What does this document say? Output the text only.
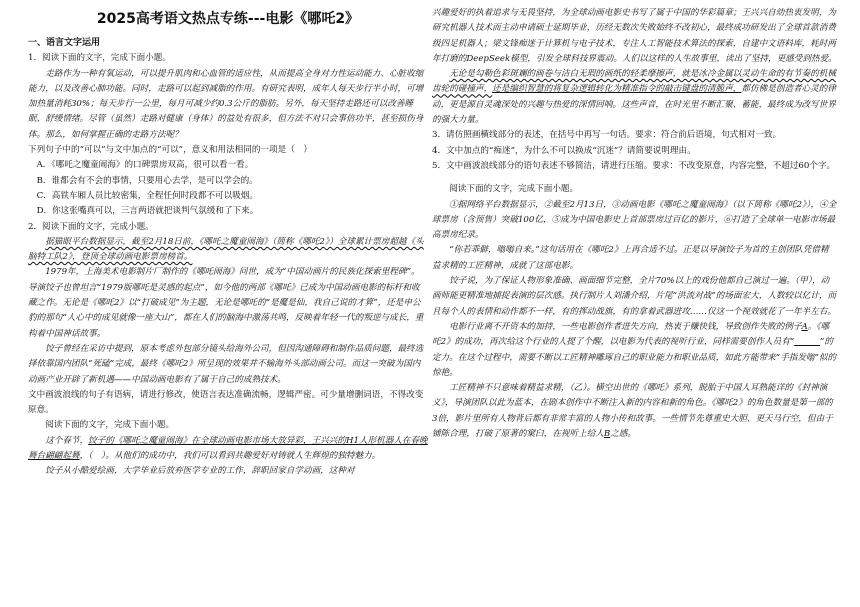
2025高考语文热点专练---电影《哪吒2》

一、语言文字运用

1．阅读下面的文字，完成下面小题。

走路作为一种有氧运动，可以提升肌肉和心血管的适应性，从而提高全身对力性运动能力、心脏收缩能力，以及改善心肺功能。同时，走路可以起到减脂的作用。有研究表明，成年人每天步行半小时，可增加热量消耗30%；每天步行一公里，每月可减少约0.3公斤的脂肪。另外，每天坚持走路还可以改善睡眠、舒缓情绪。尽管（虽然）走路对健康（身体）的益处有很多，但方法不对只会事倍功半，甚至损伤身体。那么，如何掌握正确的走路方法呢？

下列句子中的“可以”与文中加点的“可以”，意义和用法相同的一项是（　）

A．《哪吒之魔童闹海》的口碑票房双高，很可以看一看。

B．谁都会有不会的事情，只要用心去学，是可以学会的。

C．高铁车厢人员比较密集，全程任何时段都不可以吸烟。

D．你这张嘴真可以，三言两语就把谈判气氛缓和了下来。

2．阅读下面的文字，完成小题。

据猫眼平台数据显示，截至2月18日前，《哪吒之魔童闹海》（简称《哪吒2》）全球累计票房超越《头脑特工队2》，登顶全球动画电影票房榜首。

1979年，上海美术电影制片厂制作的《哪吒闹海》问世，成为“中国动画片的民族化探索里程碑”。导演饺子也曾坦言“1979版哪吒是灵感的起点”，如今他的两部《哪吒》已成为中国动画电影的标杆和收藏之作。无论是《哪吒2》以“打破成见”为主题，无论是哪吒的“是魔是仙，我自己说的才算”，还是申公豹的那句“人心中的成见就像一座大山”，都在人们的脑海中激荡共鸣，反映着年轻一代的叛逆与成长，重构着中国神话故事。

饺子曾经在采访中提到，原本考虑外包部分镜头给海外公司，但因沟通障碍和制作品质问题，最终选择依靠国内团队“死磕”完成，最终《哪吒2》所呈现的效果并不输海外头部动画公司。而这一突破为国内动画产业开辟了新机遇——中国动画电影有了属于自己的成熟技术。

文中画波浪线的句子有语病，请进行修改，使语言表达准确流畅，逻辑严密。可少量增删词语，不得改变原意。

阅读下面的文字，完成下面小题。

这个春节，饺子的《哪吒之魔童闹海》在全球动画电影市场大放异彩，王兴兴的H1人形机器人在春晚舞台翩翩起舞，（　）。从他们的成功中，我们可以看到共趣爱好对铸就人生辉煌的独特魅力。

饺子从小酷爱绘画，大学毕业后放弃医学专业的工作，辞职回家自学动画，这种对

兴趣爱好的执着追求与无畏坚持，为全球动画电影史书写了属于中国的华彩篇章；王兴兴自幼热衷发明，为研究机器人技术而主动申请硕士延期毕业，历经无数次失败始终不改初心，最终成功研发出了全球首款消费级四足机器人；梁文锋痴迷于计算机与电子技术，专注人工智能技术算法的探索，自建中文语料库，耗时两年打磨的DeepSeek模型，引发全球科技界震动。人们以这样的人生故事里，读出了坚持，更感受到热爱。

无论是勾勒色彩斑斓的画卷与洁白无瑕的画纸的轻柔摩擦声，就是冰冷金属以灵动生命的有节奏的机械齿轮的碰撞声，还是编织智慧的将复杂逻辑转化为精准指令的敲击键盘的清脆声，都仿佛是创造者心灵的律动，更是源自灵魂深处的兴趣与热爱的深情回响。这些声音，在时光里不断汇聚、蓄能，最终成为改写世界的强大力量。

3．请仿照画横线部分的表述，在括号中再写一句话。要求：符合前后语境，句式相对一致。

4．文中加点的“痴迷”，为什么不可以换成“沉迷”？请简要说明理由。

5．文中画波浪线部分的语句表述不够简洁，请进行压缩。要求：不改变原意，内容完整，不超过60个字。

阅读下面的文字，完成下面小题。

①据网络平台数据显示，②截至2月13日，③动画电影《哪吒之魔童闹海》（以下简称《哪吒2》），④全球票房（含预售）突破100亿，⑤成为中国电影史上首部票房过百亿的影片，⑥打造了全球单一电影市场最高票房纪录。

“你若乖僻，嗡嗡自来。”这句话用在《哪吒2》上再合适不过。正是以导演饺子为首的主创团队凭借精益求精的工匠精神，成就了这部电影。

饺子说，为了保证人物形象准确、画面细节完整，全片70%以上的戏份他都自己演过一遍。（甲），动画师能更精准地捕捉表演的层次感。执行制片人刘潘介绍，片尾“洪流对战”的场面宏大，人数较以亿计，而且每个人的表情和动作都不一样，有的挥动战旗，有的拿着武器进攻……仅这一个视效就花了一年半左右。

电影行业离不开资本的加持，一些电影创作者进失方向，热衷于赚快钱，导致创作失败的例子A。《哪吒2》的成功，再次给这个行业的人提了个醒，以电影为代表的视听行业，同样需要创作人员有“　　　	”的定力。在这个过程中，需要不断以工匠精神雕琢自己的职业能力和职业品质，如此方能带来“手指发嗡”似的惊艳。

工匠精神不只意味着精益求精，（乙）。横空出世的《哪吒》系列，脱胎于中国人耳熟能详的《封神演义》，导演团队以此为蓝本，在剧本创作中不断注入新的内容和新的角色。《哪吒2》的角色数量是第一部的3倍，影片里所有人物背后都有非常丰富的人物小传和故事。一些情节先尊重史大胆、更天马行空，但由于铺陈合理，打破了原著的窠臼，在视听上给人B之感。
